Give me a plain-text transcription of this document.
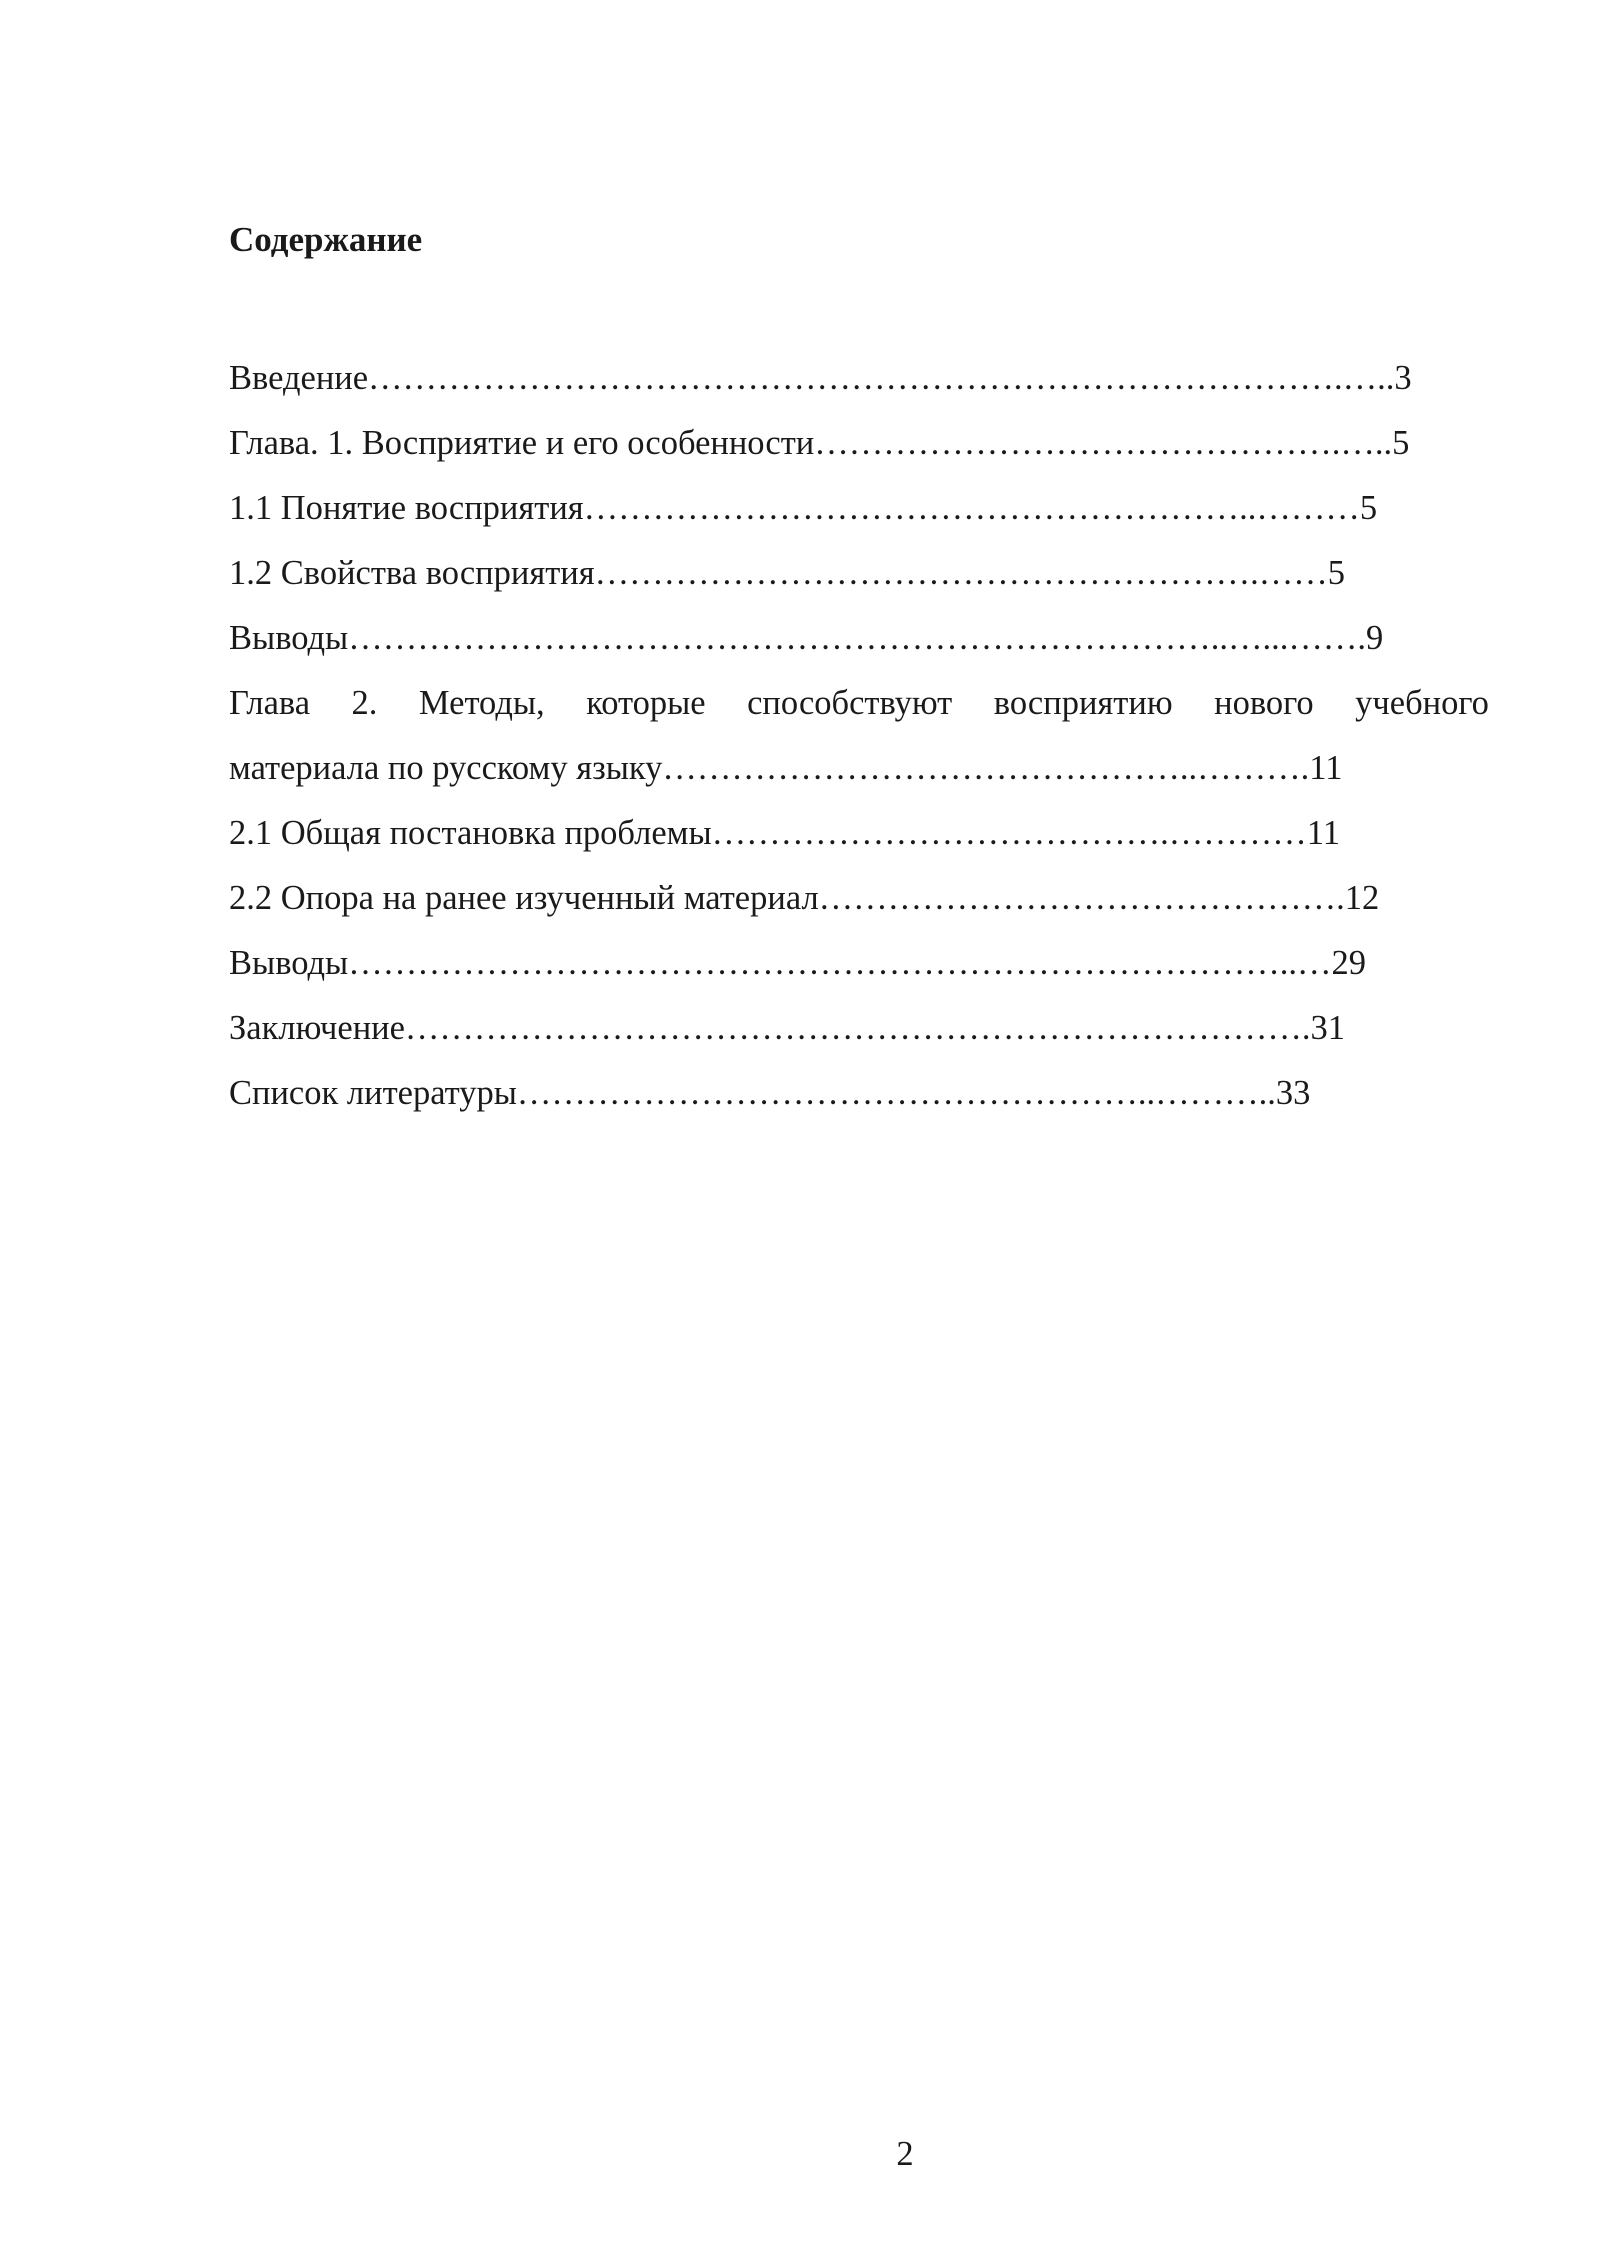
Содержание
Введение………………………………………………………………………….…..3
Глава. 1. Восприятие и его особенности……………………………………….…..5
1.1 Понятие восприятия…………………………………………………..………5
1.2 Свойства восприятия………………………………………………….……5
Выводы…………………………………………………………………..…...…….9
Глава 2. Методы, которые способствуют восприятию нового учебного
материала по русскому языку………………………………………..……….11
2.1 Общая постановка проблемы………………………………….…………11
2.2 Опора на ранее изученный материал……………………………………….12
Выводы………………………………………………………………………..…29
Заключение…………………………………………………………………….31
Список литературы………………………………………………..………..33
2
